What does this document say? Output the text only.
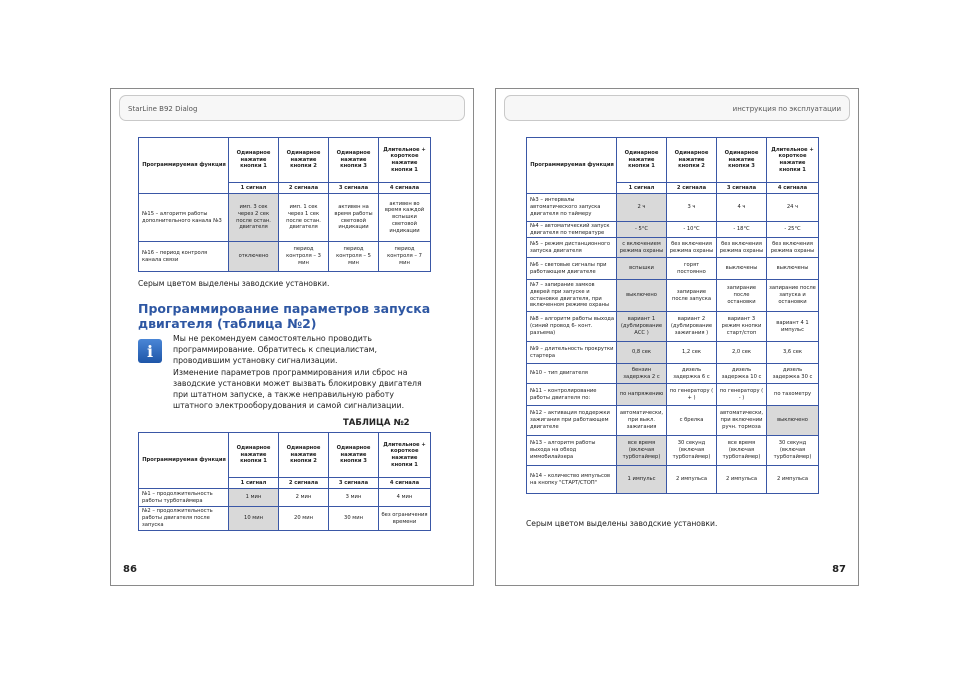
StarLine B92 Dialog
Программируемая функция	Одинарное нажатие кнопки 1	Одинарное нажатие кнопки 2	Одинарное нажатие кнопки 3	Длительное + короткое нажатие кнопки 1
	1 сигнал	2 сигнала	3 сигнала	4 сигнала
№15 – алгоритм работы дополнительного канала №3	имп. 3 сек через 2 сек после остан. двигателя	имп. 1 сек через 1 сек после остан. двигателя	активен на время работы световой индикации	активен во время каждой вспышки световой индикации
№16 – период контроля канала связи	отключено	период контроля – 3 мин	период контроля – 5 мин	период контроля – 7 мин
Серым цветом выделены заводские установки.
Программирование параметров запуска двигателя (таблица №2)
i

Мы не рекомендуем самостоятельно проводить программирование. Обратитесь к специалистам, проводившим установку сигнализации.

Изменение параметров программирования или сброс на заводские установки может вызвать блокировку двигателя при штатном запуске, а также неправильную работу штатного электрооборудования и самой сигнализации.

ТАБЛИЦА №2
Программируемая функция	Одинарное нажатие кнопки 1	Одинарное нажатие кнопки 2	Одинарное нажатие кнопки 3	Длительное + короткое нажатие кнопки 1
	1 сигнал	2 сигнала	3 сигнала	4 сигнала
№1 – продолжительность работы турботаймера	1 мин	2 мин	3 мин	4 мин
№2 – продолжительность работы двигателя после запуска	10 мин	20 мин	30 мин	без ограничения времени
86
инструкция по эксплуатации
Программируемая функция	Одинарное нажатие кнопки 1	Одинарное нажатие кнопки 2	Одинарное нажатие кнопки 3	Длительное + короткое нажатие кнопки 1
	1 сигнал	2 сигнала	3 сигнала	4 сигнала
№3 – интервалы автоматического запуска двигателя по таймеру	2 ч	3 ч	4 ч	24 ч
№4 – автоматический запуск двигателя по температуре	- 5°С	- 10°С	- 18°С	- 25°С
№5 – режим дистанционного запуска двигателя	с включением режима охраны	без включения режима охраны	без включения режима охраны	без включения режима охраны
№6 – световые сигналы при работающем двигателе	вспышки	горят постоянно	выключены	выключены
№7 – запирание замков дверей при запуске и остановке двигателя, при включенном режиме охраны	выключено	запирание после запуска	запирание после остановки	запирание после запуска и остановки
№8 – алгоритм работы выхода (синий провод 6- конт. разъема)	вариант 1 (дублирование АСС )	вариант 2 (дублирование зажигания )	вариант 3 режим кнопки старт/стоп	вариант 4 1 импульс
№9 – длительность прокрутки стартера	0,8 сек	1,2 сек	2,0 сек	3,6 сек
№10 – тип двигателя	бензин задержка 2 с	дизель задержка 6 с	дизель задержка 10 с	дизель задержка 30 с
№11 – контролирование работы двигателя по:	по напряжению	по генератору ( + )	по генератору ( - )	по тахометру
№12 – активация поддержки зажигания при работающем двигателе	автоматически, при выкл. зажигания	с брелка	автоматически, при включении ручн. тормоза	выключено
№13 – алгоритм работы выхода на обход иммобилайзера	все время (включая турботаймер)	30 секунд (включая турботаймер)	все время (включая турботаймер)	30 секунд (включая турботаймер)
№14 – количество импульсов на кнопку "СТАРТ/СТОП"	1 импульс	2 импульса	2 импульса	2 импульса
Серым цветом выделены заводские установки.
87
